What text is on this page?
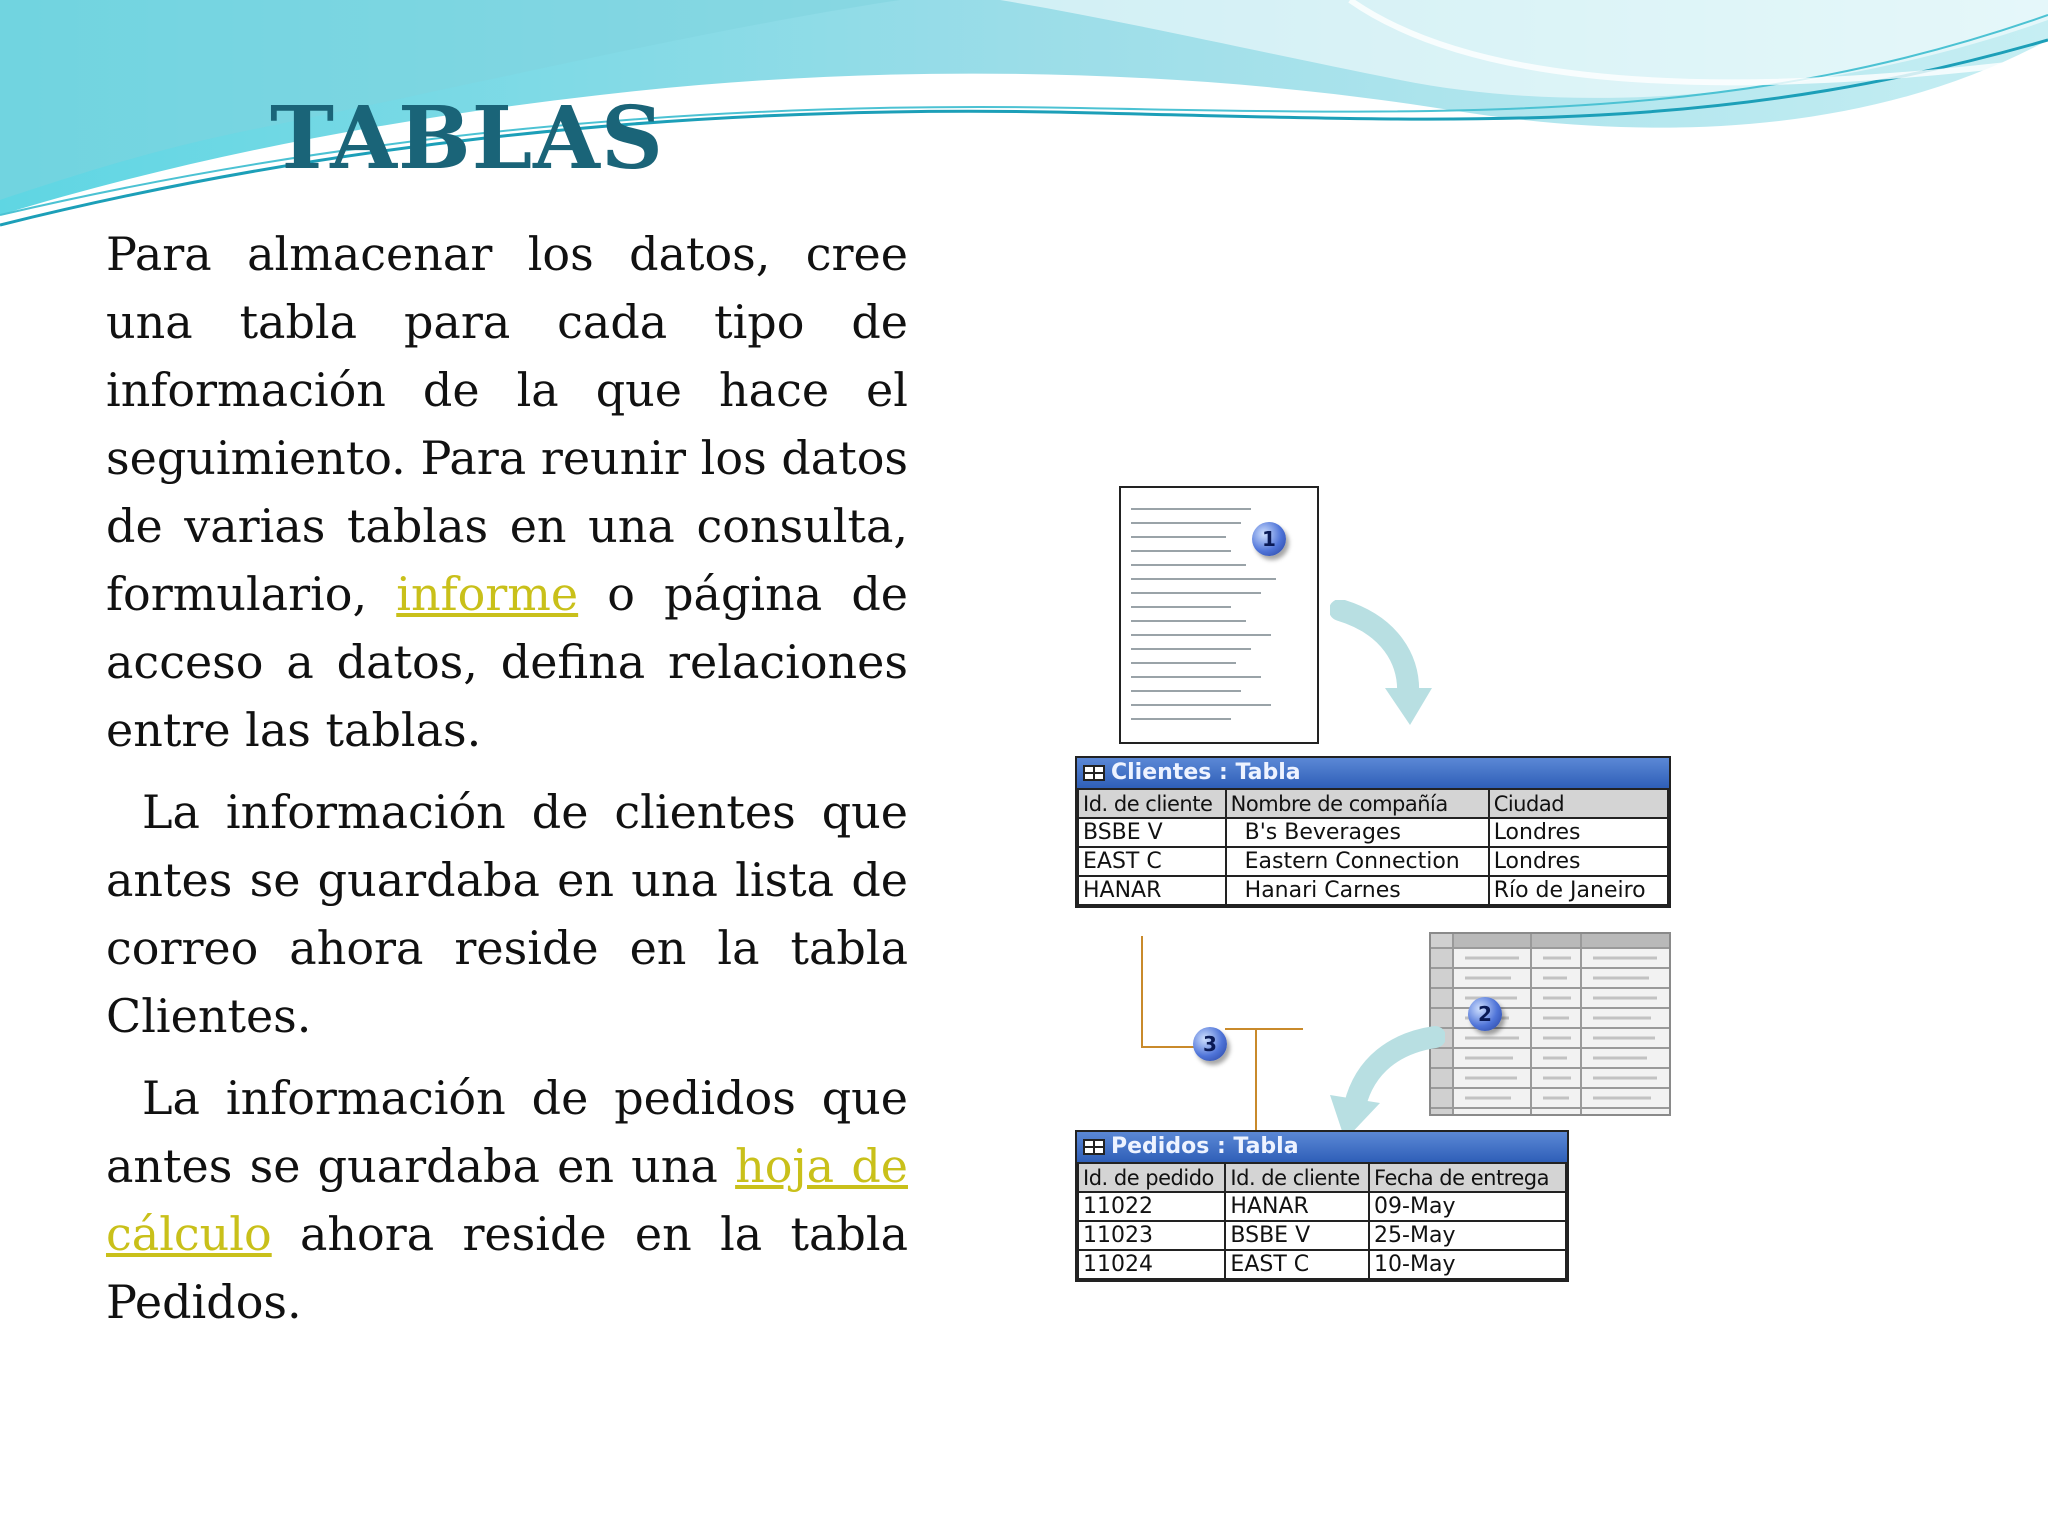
TABLAS

Para almacenar los datos, cree una tabla para cada tipo de información de la que hace el seguimiento. Para reunir los datos de varias tablas en una consulta, formulario, informe o página de acceso a datos, defina relaciones entre las tablas.

La información de clientes que antes se guardaba en una lista de correo ahora reside en la tabla Clientes.

La información de pedidos que antes se guardaba en una hoja de cálculo ahora reside en la tabla Pedidos.

1
Clientes : Tabla
Id. de cliente	Nombre de compañía	Ciudad
BSBE V	B's Beverages	Londres
EAST C	Eastern Connection	Londres
HANAR	Hanari Carnes	Río de Janeiro
2
3
Pedidos : Tabla
Id. de pedido	Id. de cliente	Fecha de entrega
11022	HANAR	09-May
11023	BSBE V	25-May
11024	EAST C	10-May
